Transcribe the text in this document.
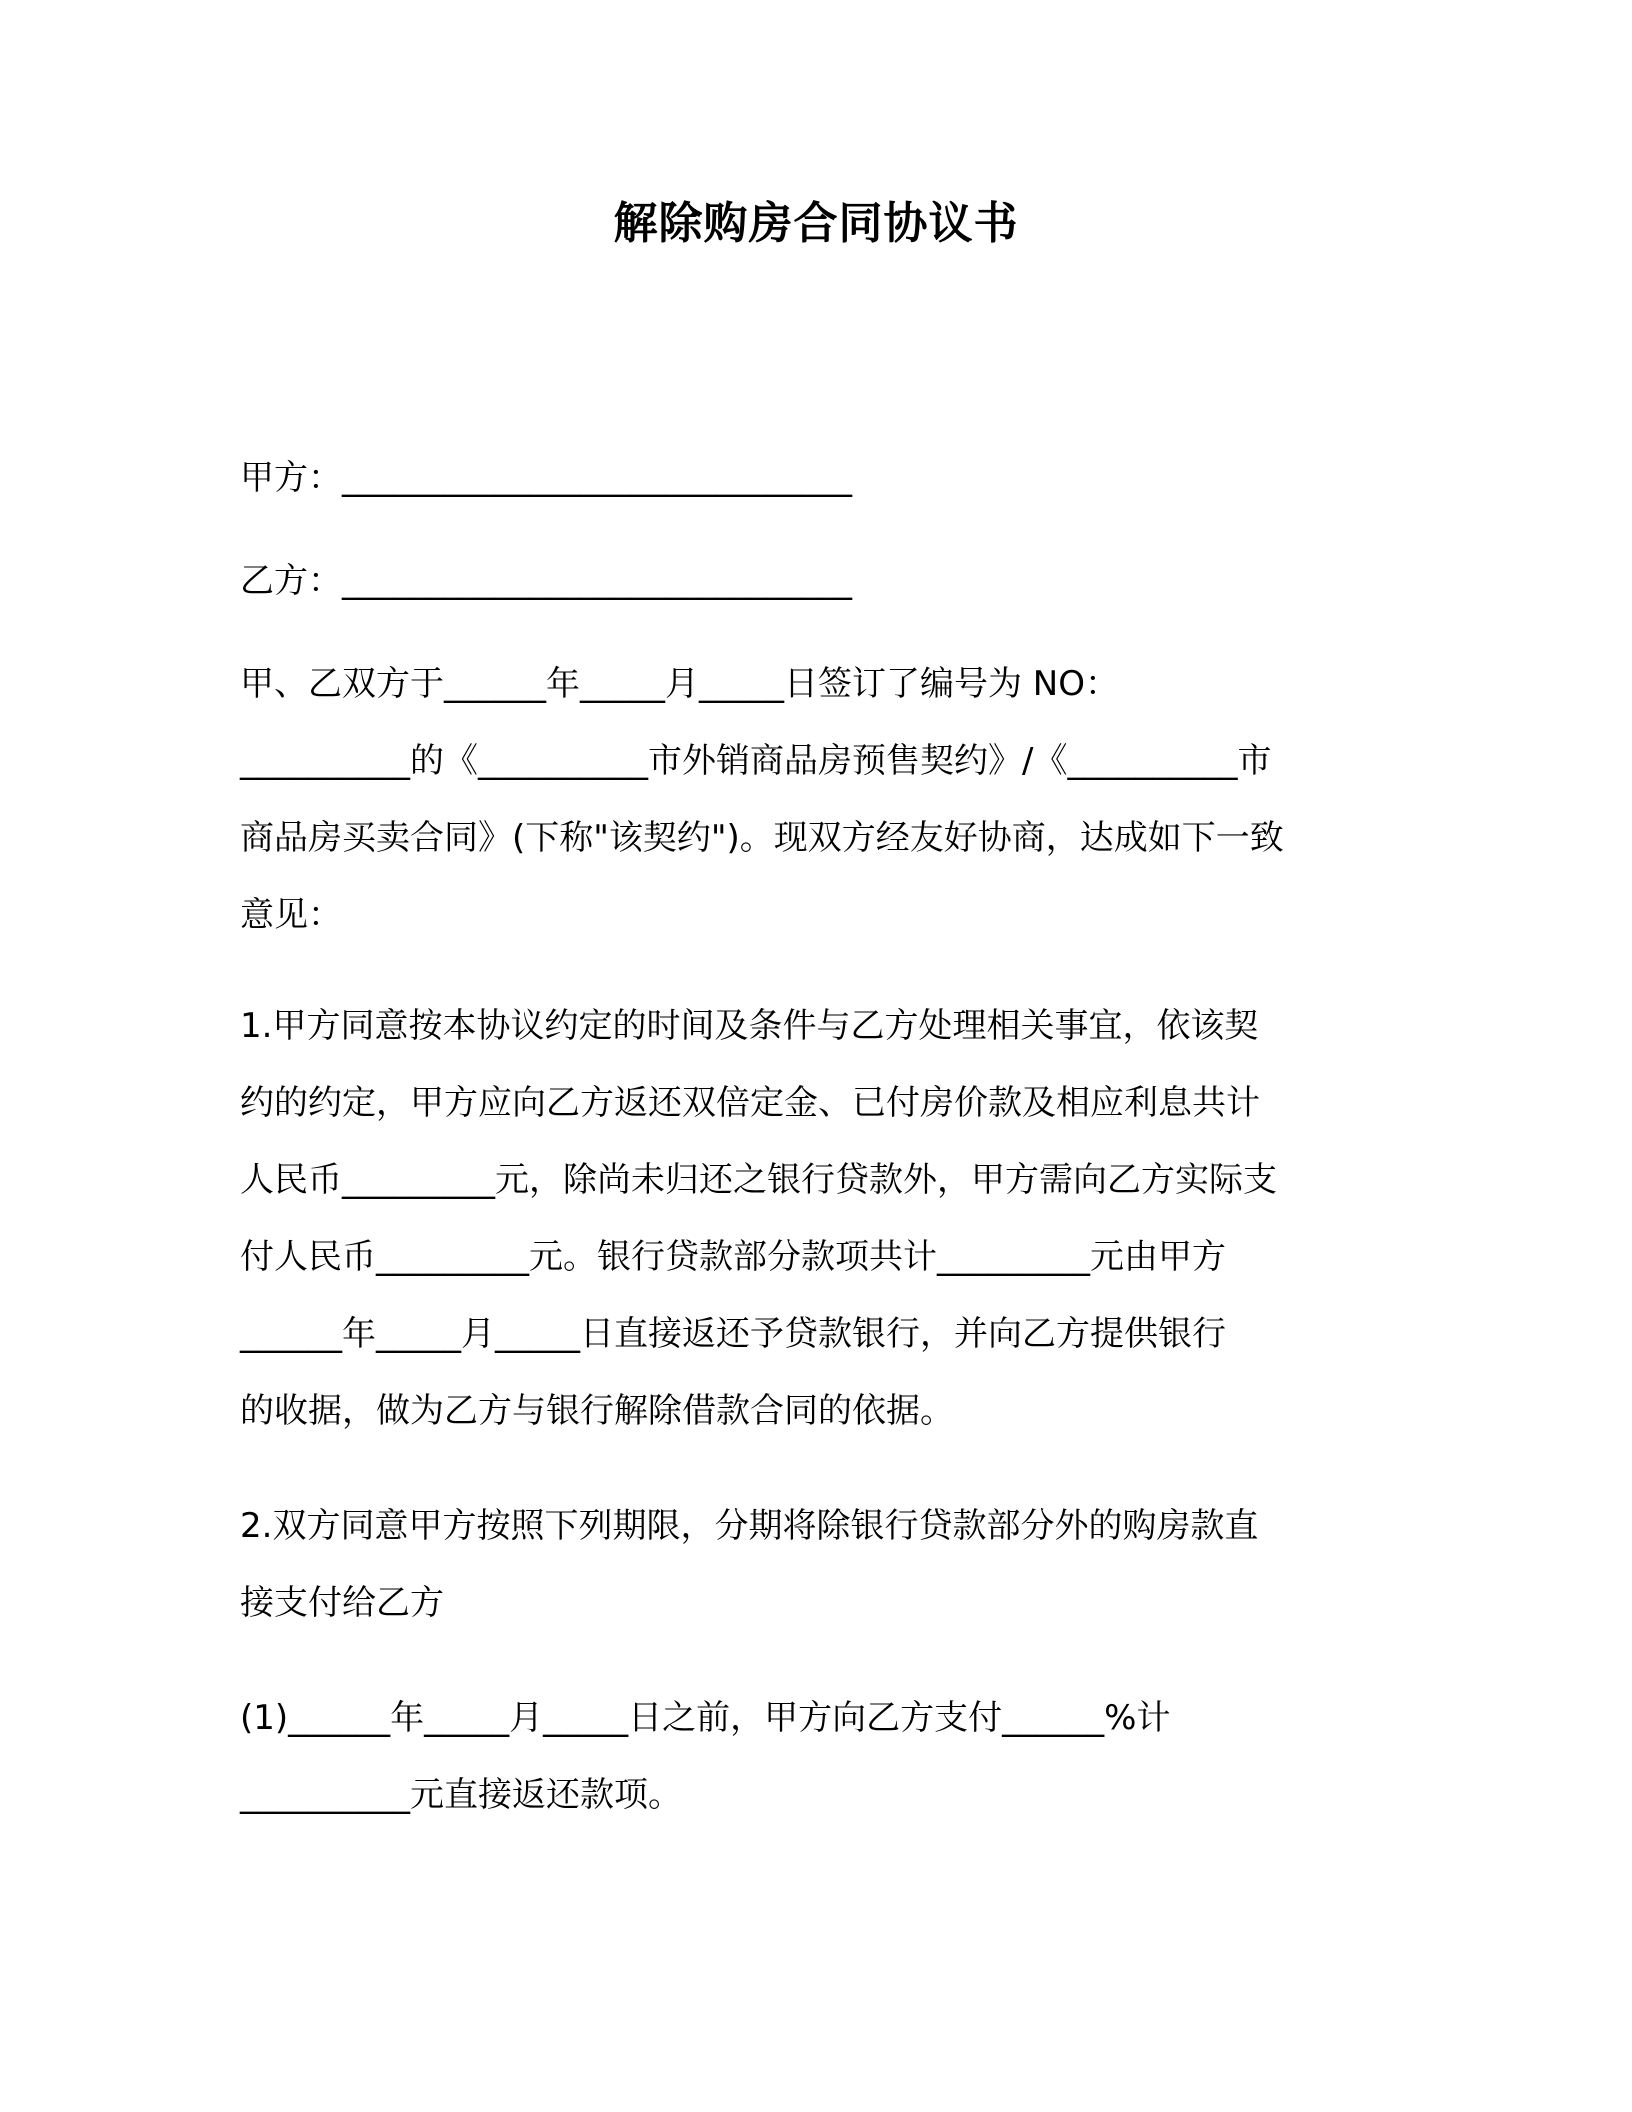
解除购房合同协议书

甲方：______________________________

乙方：______________________________

甲、乙双方于______年_____月_____日签订了编号为 NO：

__________的《__________市外销商品房预售契约》/《__________市

商品房买卖合同》(下称"该契约")。现双方经友好协商，达成如下一致

意见：

1.甲方同意按本协议约定的时间及条件与乙方处理相关事宜，依该契

约的约定，甲方应向乙方返还双倍定金、已付房价款及相应利息共计

人民币_________元，除尚未归还之银行贷款外，甲方需向乙方实际支

付人民币_________元。银行贷款部分款项共计_________元由甲方

______年_____月_____日直接返还予贷款银行，并向乙方提供银行

的收据，做为乙方与银行解除借款合同的依据。

2.双方同意甲方按照下列期限，分期将除银行贷款部分外的购房款直

接支付给乙方

(1)______年_____月_____日之前，甲方向乙方支付______%计

__________元直接返还款项。
